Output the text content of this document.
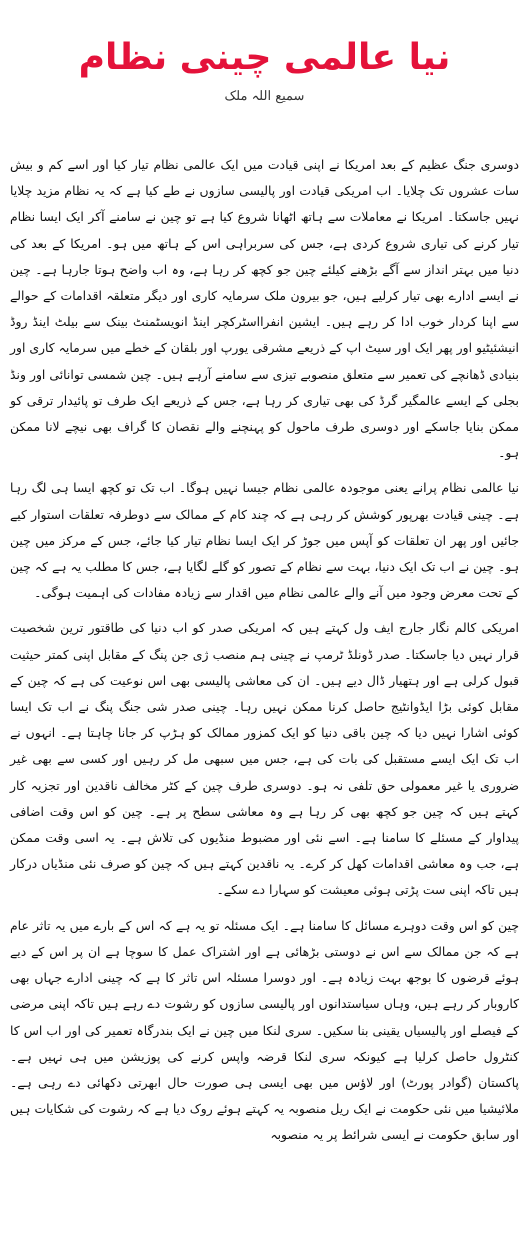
نیا عالمی چینی نظام
سمیع اللہ ملک

دوسری جنگ عظیم کے بعد امریکا نے اپنی قیادت میں ایک عالمی نظام تیار کیا اور اسے کم و بیش سات عشروں تک چلایا۔ اب امریکی قیادت اور پالیسی سازوں نے طے کیا ہے کہ یہ نظام مزید چلایا نہیں جاسکتا۔ امریکا نے معاملات سے ہاتھ اٹھانا شروع کیا ہے تو چین نے سامنے آکر ایک ایسا نظام تیار کرنے کی تیاری شروع کردی ہے، جس کی سربراہی اس کے ہاتھ میں ہو۔ امریکا کے بعد کی دنیا میں بہتر انداز سے آگے بڑھنے کیلئے چین جو کچھ کر رہا ہے، وہ اب واضح ہوتا جارہا ہے۔ چین نے ایسے ادارے بھی تیار کرلیے ہیں، جو بیرون ملک سرمایہ کاری اور دیگر متعلقہ اقدامات کے حوالے سے اپنا کردار خوب ادا کر رہے ہیں۔ ایشین انفرااسٹرکچر اینڈ انویسٹمنٹ بینک سے بیلٹ اینڈ روڈ انیشئیٹیو اور پھر ایک اور سیٹ اپ کے ذریعے مشرقی یورپ اور بلقان کے خطے میں سرمایہ کاری اور بنیادی ڈھانچے کی تعمیر سے متعلق منصوبے تیزی سے سامنے آرہے ہیں۔ چین شمسی توانائی اور ونڈ بجلی کے ایسے عالمگیر گرڈ کی بھی تیاری کر رہا ہے، جس کے ذریعے ایک طرف تو پائیدار ترقی کو ممکن بنایا جاسکے اور دوسری طرف ماحول کو پہنچنے والے نقصان کا گراف بھی نیچے لانا ممکن ہو۔

نیا عالمی نظام پرانے یعنی موجودہ عالمی نظام جیسا نہیں ہوگا۔ اب تک تو کچھ ایسا ہی لگ رہا ہے۔ چینی قیادت بھرپور کوشش کر رہی ہے کہ چند کام کے ممالک سے دوطرفہ تعلقات استوار کیے جائیں اور پھر ان تعلقات کو آپس میں جوڑ کر ایک ایسا نظام تیار کیا جائے، جس کے مرکز میں چین ہو۔ چین نے اب تک ایک دنیا، بہت سے نظام کے تصور کو گلے لگایا ہے، جس کا مطلب یہ ہے کہ چین کے تحت معرض وجود میں آنے والے عالمی نظام میں اقدار سے زیادہ مفادات کی اہمیت ہوگی۔

امریکی کالم نگار جارج ایف ول کہتے ہیں کہ امریکی صدر کو اب دنیا کی طاقتور ترین شخصیت قرار نہیں دیا جاسکتا۔ صدر ڈونلڈ ٹرمپ نے چینی ہم منصب ژی جن پنگ کے مقابل اپنی کمتر حیثیت قبول کرلی ہے اور ہتھیار ڈال دیے ہیں۔ ان کی معاشی پالیسی بھی اس نوعیت کی ہے کہ چین کے مقابل کوئی بڑا ایڈوانٹیج حاصل کرنا ممکن نہیں رہا۔ چینی صدر شی جنگ پنگ نے اب تک ایسا کوئی اشارا نہیں دیا کہ چین باقی دنیا کو ایک کمزور ممالک کو ہڑپ کر جانا چاہتا ہے۔ انہوں نے اب تک ایک ایسے مستقبل کی بات کی ہے، جس میں سبھی مل کر رہیں اور کسی سے بھی غیر ضروری یا غیر معمولی حق تلفی نہ ہو۔ دوسری طرف چین کے کٹر مخالف ناقدین اور تجزیہ کار کہتے ہیں کہ چین جو کچھ بھی کر رہا ہے وہ معاشی سطح پر ہے۔ چین کو اس وقت اضافی پیداوار کے مسئلے کا سامنا ہے۔ اسے نئی اور مضبوط منڈیوں کی تلاش ہے۔ یہ اسی وقت ممکن ہے، جب وہ معاشی اقدامات کھل کر کرے۔ یہ ناقدین کہتے ہیں کہ چین کو صرف نئی منڈیاں درکار ہیں تاکہ اپنی ست پڑتی ہوئی معیشت کو سہارا دے سکے۔

چین کو اس وقت دوہرے مسائل کا سامنا ہے۔ ایک مسئلہ تو یہ ہے کہ اس کے بارے میں یہ تاثر عام ہے کہ جن ممالک سے اس نے دوستی بڑھائی ہے اور اشتراک عمل کا سوچا ہے ان پر اس کے دیے ہوئے قرضوں کا بوجھ بہت زیادہ ہے۔ اور دوسرا مسئلہ اس تاثر کا ہے کہ چینی ادارے جہاں بھی کاروبار کر رہے ہیں، وہاں سیاستدانوں اور پالیسی سازوں کو رشوت دے رہے ہیں تاکہ اپنی مرضی کے فیصلے اور پالیسیاں یقینی بنا سکیں۔ سری لنکا میں چین نے ایک بندرگاہ تعمیر کی اور اب اس کا کنٹرول حاصل کرلیا ہے کیونکہ سری لنکا قرضہ واپس کرنے کی پوزیشن میں ہی نہیں ہے۔ پاکستان (گوادر پورٹ) اور لاؤس میں بھی ایسی ہی صورت حال ابھرتی دکھائی دے رہی ہے۔ ملائیشیا میں نئی حکومت نے ایک ریل منصوبہ یہ کہتے ہوئے روک دیا ہے کہ رشوت کی شکایات ہیں اور سابق حکومت نے ایسی شرائط پر یہ منصوبہ
